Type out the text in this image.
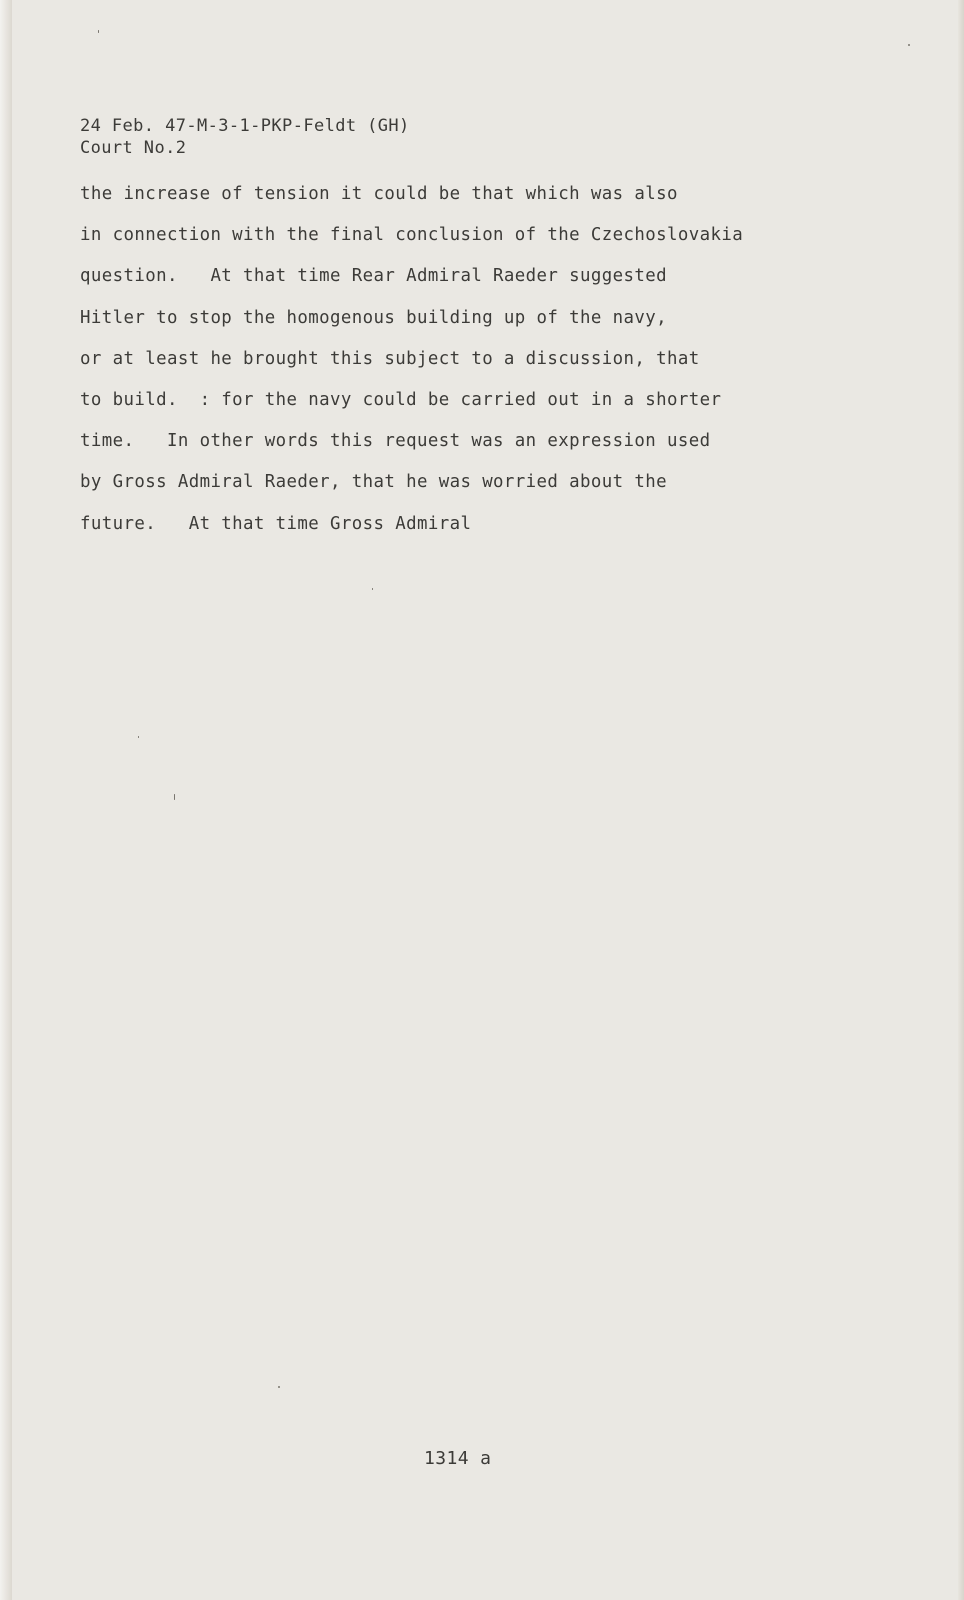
24 Feb. 47-M-3-1-PKP-Feldt (GH)
Court No.2
the increase of tension it could be that which was also
in connection with the final conclusion of the Czechoslovakia
question.   At that time Rear Admiral Raeder suggested
Hitler to stop the homogenous building up of the navy,
or at least he brought this subject to a discussion, that
to build.  : for the navy could be carried out in a shorter
time.   In other words this request was an expression used
by Gross Admiral Raeder, that he was worried about the
future.   At that time Gross Admiral
1314 a
